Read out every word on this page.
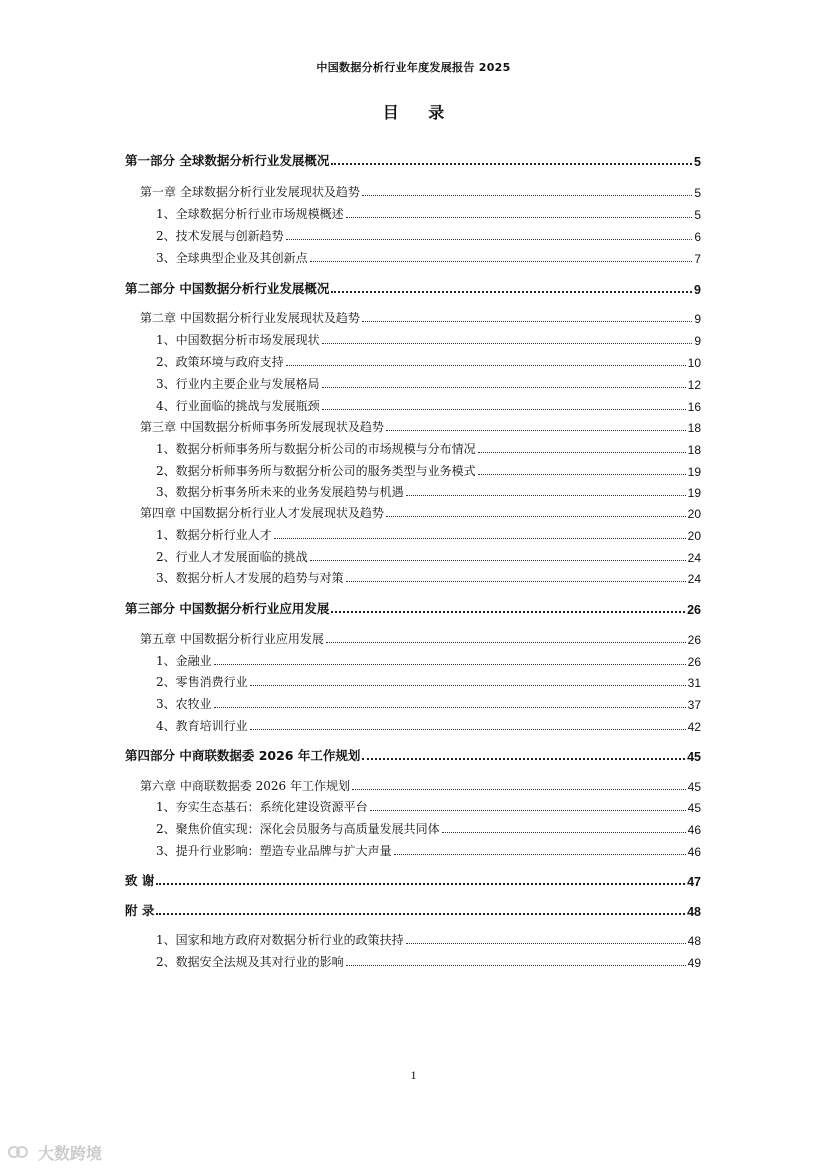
中国数据分析行业年度发展报告 2025
目 录
第一部分 全球数据分析行业发展概况	5
第一章 全球数据分析行业发展现状及趋势	5
1、全球数据分析行业市场规模概述	5
2、技术发展与创新趋势	6
3、全球典型企业及其创新点	7
第二部分 中国数据分析行业发展概况	9
第二章 中国数据分析行业发展现状及趋势	9
1、中国数据分析市场发展现状	9
2、政策环境与政府支持	10
3、行业内主要企业与发展格局	12
4、行业面临的挑战与发展瓶颈	16
第三章 中国数据分析师事务所发展现状及趋势	18
1、数据分析师事务所与数据分析公司的市场规模与分布情况	18
2、数据分析师事务所与数据分析公司的服务类型与业务模式	19
3、数据分析事务所未来的业务发展趋势与机遇	19
第四章 中国数据分析行业人才发展现状及趋势	20
1、数据分析行业人才	20
2、行业人才发展面临的挑战	24
3、数据分析人才发展的趋势与对策	24
第三部分 中国数据分析行业应用发展	26
第五章 中国数据分析行业应用发展	26
1、金融业	26
2、零售消费行业	31
3、农牧业	37
4、教育培训行业	42
第四部分 中商联数据委 2026 年工作规划	45
第六章 中商联数据委 2026 年工作规划	45
1、夯实生态基石：系统化建设资源平台	45
2、聚焦价值实现：深化会员服务与高质量发展共同体	46
3、提升行业影响：塑造专业品牌与扩大声量	46
致 谢	47
附 录	48
1、国家和地方政府对数据分析行业的政策扶持	48
2、数据安全法规及其对行业的影响	49
1
大数跨境
